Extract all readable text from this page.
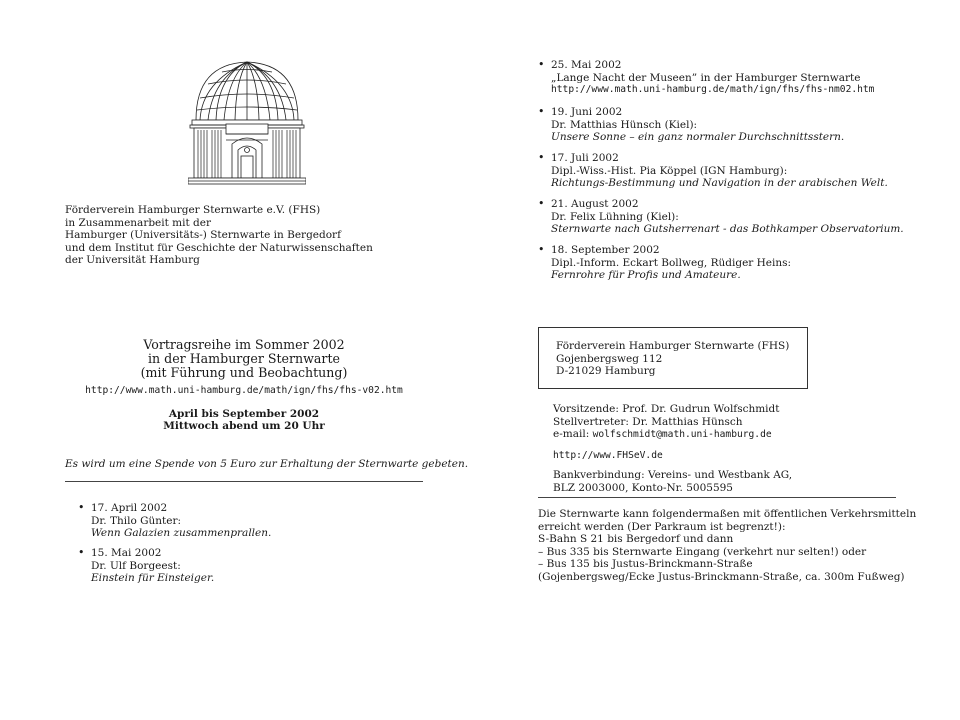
Förderverein Hamburger Sternwarte e.V. (FHS)

in Zusammenarbeit mit der

Hamburger (Universitäts-) Sternwarte in Bergedorf

und dem Institut für Geschichte der Naturwissenschaften

der Universität Hamburg

Vortragsreihe im Sommer 2002

in der Hamburger Sternwarte

(mit Führung und Beobachtung)

http://www.math.uni-hamburg.de/math/ign/fhs/fhs-v02.htm

April bis September 2002

Mittwoch abend um 20 Uhr

Es wird um eine Spende von 5 Euro zur Erhaltung der Sternwarte gebeten.

• 17. April 2002

Dr. Thilo Günter:

Wenn Galazien zusammenprallen.

• 15. Mai 2002

Dr. Ulf Borgeest:

Einstein für Einsteiger.

• 25. Mai 2002

„Lange Nacht der Museen” in der Hamburger Sternwarte

http://www.math.uni-hamburg.de/math/ign/fhs/fhs-nm02.htm

• 19. Juni 2002

Dr. Matthias Hünsch (Kiel):

Unsere Sonne – ein ganz normaler Durchschnittsstern.

• 17. Juli 2002

Dipl.-Wiss.-Hist. Pia Köppel (IGN Hamburg):

Richtungs-Bestimmung und Navigation in der arabischen Welt.

• 21. August 2002

Dr. Felix Lühning (Kiel):

Sternwarte nach Gutsherrenart - das Bothkamper Observatorium.

• 18. September 2002

Dipl.-Inform. Eckart Bollweg, Rüdiger Heins:

Fernrohre für Profis und Amateure.

Förderverein Hamburger Sternwarte (FHS)

Gojenbergsweg 112

D-21029 Hamburg

Vorsitzende: Prof. Dr. Gudrun Wolfschmidt

Stellvertreter: Dr. Matthias Hünsch

e-mail: wolfschmidt@math.uni-hamburg.de

http://www.FHSeV.de

Bankverbindung: Vereins- und Westbank AG,

BLZ 2003000, Konto-Nr. 5005595

Die Sternwarte kann folgendermaßen mit öffentlichen Verkehrsmitteln

erreicht werden (Der Parkraum ist begrenzt!):

S-Bahn S 21 bis Bergedorf und dann

– Bus 335 bis Sternwarte Eingang (verkehrt nur selten!) oder

– Bus 135 bis Justus-Brinckmann-Straße

(Gojenbergsweg/Ecke Justus-Brinckmann-Straße, ca. 300m Fußweg)
